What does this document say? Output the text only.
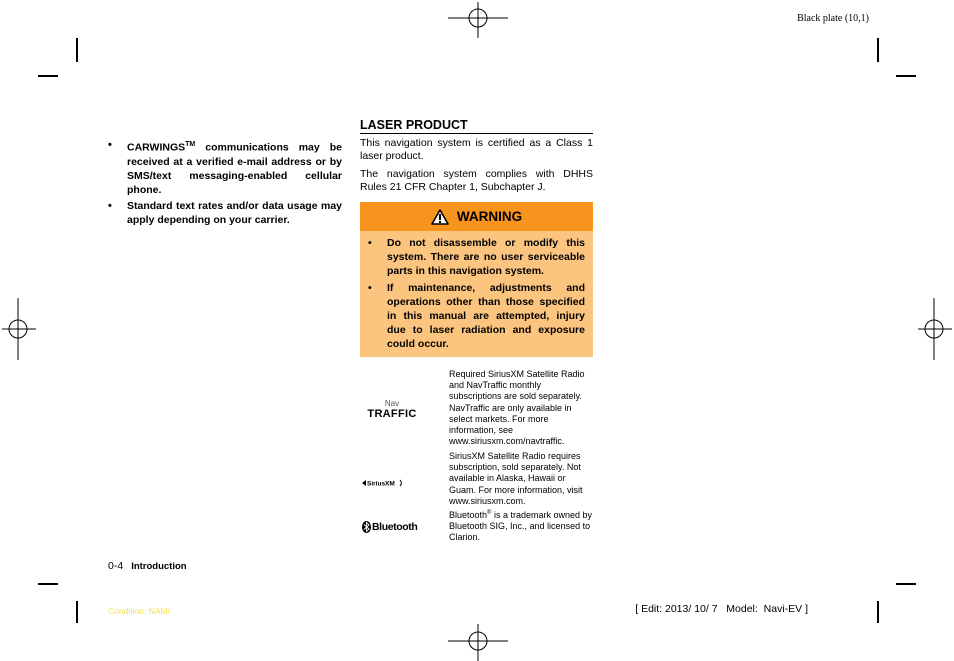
Black plate (10,1)
• CARWINGS™ communications may be received at a verified e-mail address or by SMS/text messaging-enabled cellular phone.
• Standard text rates and/or data usage may apply depending on your carrier.
LASER PRODUCT

This navigation system is certified as a Class 1 laser product.

The navigation system complies with DHHS Rules 21 CFR Chapter 1, Subchapter J.

WARNING
• Do not disassemble or modify this system. There are no user serviceable parts in this navigation system.
• If maintenance, adjustments and operations other than those specified in this manual are attempted, injury due to laser radiation and exposure could occur.
Nav
TRAFFIC
Required SiriusXM Satellite Radio and NavTraffic monthly subscriptions are sold separately. NavTraffic are only available in select markets. For more information, see www.siriusxm.com/navtraffic.
SiriusXM
SiriusXM Satellite Radio requires subscription, sold separately. Not available in Alaska, Hawaii or Guam. For more information, visit www.siriusxm.com.
Bluetooth
Bluetooth® is a trademark owned by Bluetooth SIG, Inc., and licensed to Clarion.
0-4 Introduction
Condition: NAM/	[ Edit: 2013/ 10/ 7   Model:  Navi-EV ]
